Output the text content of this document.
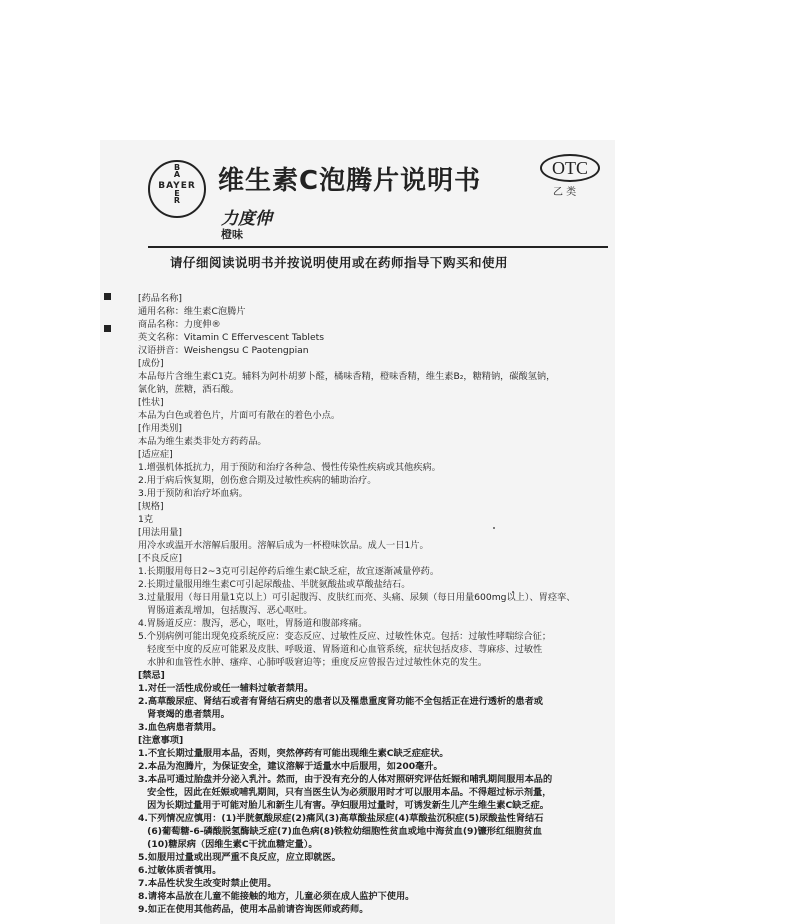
B
A
E
R
BAYER 维生素C泡腾片说明书	OTC
乙 类
力度伸
橙味
请仔细阅读说明书并按说明使用或在药师指导下购买和使用
[药品名称]
通用名称：维生素C泡腾片
商品名称：力度伸®
英文名称：Vitamin C Effervescent Tablets
汉语拼音：Weishengsu C Paotengpian
[成份]
本品每片含维生素C1克。辅料为阿朴胡萝卜醛，橘味香精，橙味香精，维生素B₂，糖精钠，碳酸氢钠，
氯化钠，蔗糖，酒石酸。
[性状]
本品为白色或着色片，片面可有散在的着色小点。
[作用类别]
本品为维生素类非处方药药品。
[适应症]
1.增强机体抵抗力，用于预防和治疗各种急、慢性传染性疾病或其他疾病。
2.用于病后恢复期，创伤愈合期及过敏性疾病的辅助治疗。
3.用于预防和治疗坏血病。
[规格]
1克
[用法用量]
用冷水或温开水溶解后服用。溶解后成为一杯橙味饮品。成人一日1片。
[不良反应]
1.长期服用每日2~3克可引起停药后维生素C缺乏症，故宜逐渐减量停药。
2.长期过量服用维生素C可引起尿酸盐、半胱氨酸盐或草酸盐结石。
3.过量服用（每日用量1克以上）可引起腹泻、皮肤红而亮、头痛、尿频（每日用量600mg以上）、胃痉挛、
　胃肠道紊乱增加，包括腹泻、恶心呕吐。
4.胃肠道反应：腹泻，恶心，呕吐，胃肠道和腹部疼痛。
5.个别病例可能出现免疫系统反应：变态反应、过敏性反应、过敏性休克。包括：过敏性哮喘综合征；
　轻度至中度的反应可能累及皮肤、呼吸道、胃肠道和心血管系统，症状包括皮疹、荨麻疹、过敏性
　水肿和血管性水肿、瘙痒、心肺呼吸窘迫等；重度反应曾报告过过敏性休克的发生。
[禁忌]
1.对任一活性成份或任一辅料过敏者禁用。
2.高草酸尿症、肾结石或者有肾结石病史的患者以及罹患重度肾功能不全包括正在进行透析的患者或
　肾衰竭的患者禁用。
3.血色病患者禁用。
[注意事项]
1.不宜长期过量服用本品，否则，突然停药有可能出现维生素C缺乏症症状。
2.本品为泡腾片，为保证安全，建议溶解于适量水中后服用，如200毫升。
3.本品可通过胎盘并分泌入乳汁。然而，由于没有充分的人体对照研究评估妊娠和哺乳期间服用本品的
　安全性，因此在妊娠或哺乳期间，只有当医生认为必须服用时才可以服用本品。不得超过标示剂量，
　因为长期过量用于可能对胎儿和新生儿有害。孕妇服用过量时，可诱发新生儿产生维生素C缺乏症。
4.下列情况应慎用：(1)半胱氨酸尿症(2)痛风(3)高草酸盐尿症(4)草酸盐沉积症(5)尿酸盐性肾结石
　(6)葡萄糖-6-磷酸脱氢酶缺乏症(7)血色病(8)铁粒幼细胞性贫血或地中海贫血(9)镰形红细胞贫血
　(10)糖尿病（因维生素C干扰血糖定量）。
5.如服用过量或出现严重不良反应，应立即就医。
6.过敏体质者慎用。
7.本品性状发生改变时禁止使用。
8.请将本品放在儿童不能接触的地方，儿童必须在成人监护下使用。
9.如正在使用其他药品，使用本品前请咨询医师或药师。
